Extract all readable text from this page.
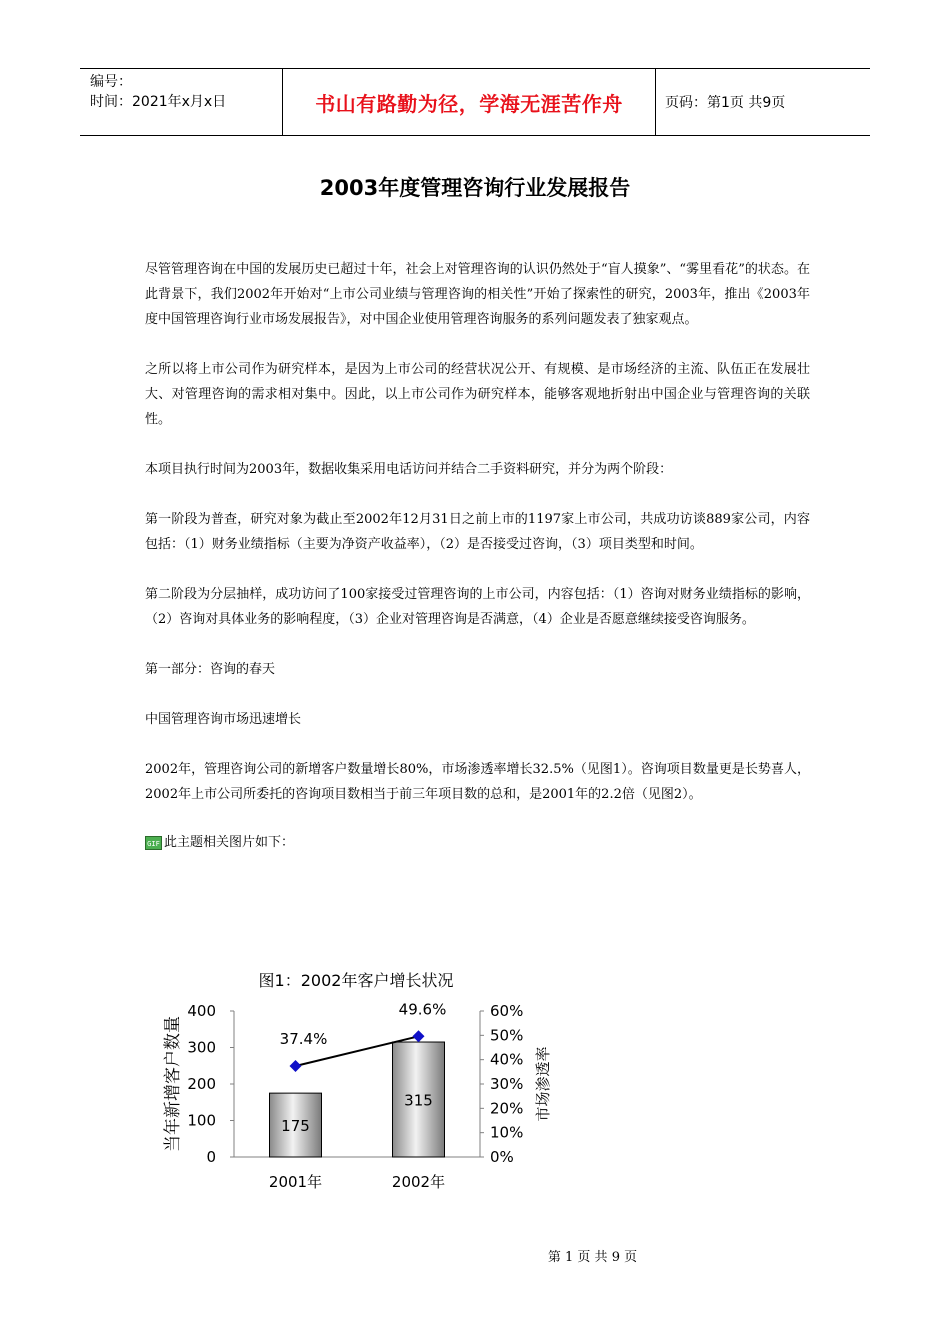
编号：
时间：2021年x月x日	书山有路勤为径，学海无涯苦作舟	页码：第1页 共9页
2003年度管理咨询行业发展报告

尽管管理咨询在中国的发展历史已超过十年，社会上对管理咨询的认识仍然处于“盲人摸象”、“雾里看花”的状态。在此背景下，我们2002年开始对“上市公司业绩与管理咨询的相关性”开始了探索性的研究，2003年，推出《2003年度中国管理咨询行业市场发展报告》，对中国企业使用管理咨询服务的系列问题发表了独家观点。

之所以将上市公司作为研究样本，是因为上市公司的经营状况公开、有规模、是市场经济的主流、队伍正在发展壮大、对管理咨询的需求相对集中。因此，以上市公司作为研究样本，能够客观地折射出中国企业与管理咨询的关联性。

本项目执行时间为2003年，数据收集采用电话访问并结合二手资料研究，并分为两个阶段：

第一阶段为普查，研究对象为截止至2002年12月31日之前上市的1197家上市公司，共成功访谈889家公司，内容包括：（1）财务业绩指标（主要为净资产收益率），（2）是否接受过咨询，（3）项目类型和时间。

第二阶段为分层抽样，成功访问了100家接受过管理咨询的上市公司，内容包括：（1）咨询对财务业绩指标的影响，（2）咨询对具体业务的影响程度，（3）企业对管理咨询是否满意，（4）企业是否愿意继续接受咨询服务。

第一部分：咨询的春天

中国管理咨询市场迅速增长

2002年，管理咨询公司的新增客户数量增长80%，市场渗透率增长32.5%（见图1）。咨询项目数量更是长势喜人，2002年上市公司所委托的咨询项目数相当于前三年项目数的总和，是2001年的2.2倍（见图2）。

GIF 此主题相关图片如下：
图1：2002年客户增长状况
当年新增客户数量	市场渗透率
0
100
200
300
400
0%
10%
20%
30%
40%
50%
60%
175
2001年
315
2002年
37.4%
49.6%
第 1 页 共 9 页
